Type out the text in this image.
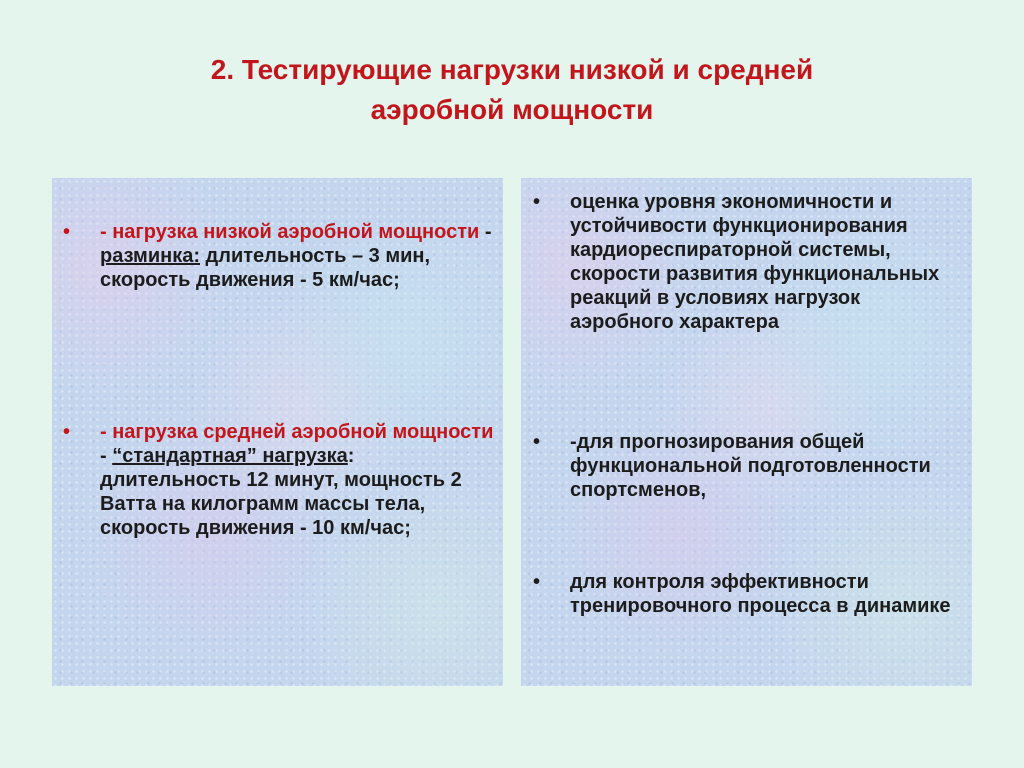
2. Тестирующие нагрузки низкой и средней
аэробной мощности
• - нагрузка низкой аэробной мощности - разминка: длительность – 3 мин, скорость движения - 5 км/час;
• - нагрузка средней аэробной мощности - “стандартная” нагрузка: длительность 12 минут, мощность 2 Ватта на килограмм массы тела, скорость движения - 10 км/час;
• оценка уровня экономичности и устойчивости функционирования кардиореспираторной системы, скорости развития функциональных реакций в условиях нагрузок аэробного характера
• -для прогнозирования общей функциональной подготовленности спортсменов,
• для контроля эффективности тренировочного процесса в динамике
